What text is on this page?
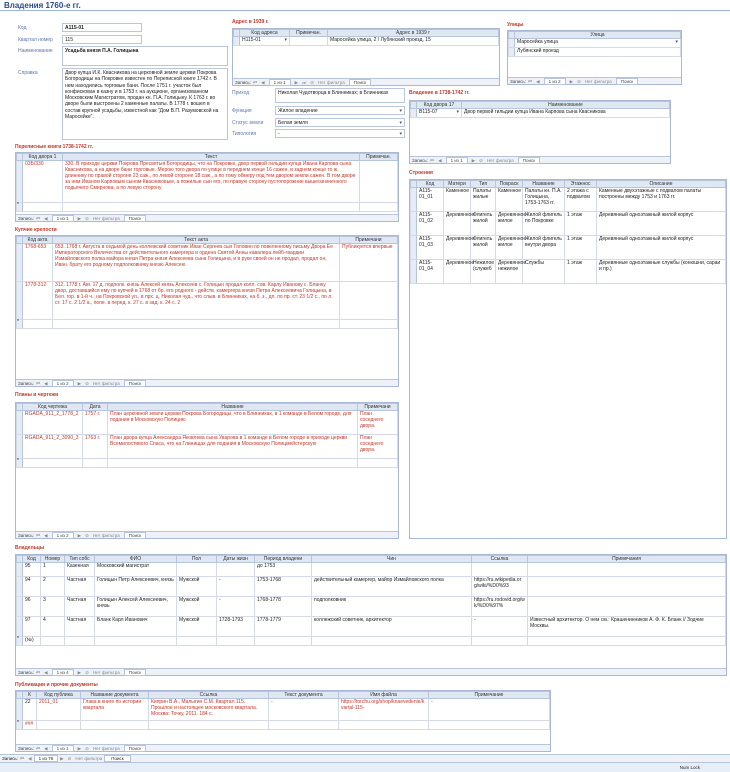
Владения 1760-е гг.
Код	А115-01
Квартал номер	115
Наименование	Усадьба князя П.А. Голицына
Справка	Двор купца И.К. Квасникова на церковной земле церкви Покрова Богородицы на Покровке известен по Переписной книге 1742 г. В нем находились торговые бани. После 1751 г. участок был конфискован в казну и в 1753 г. на аукционе, организованном Московским Магистратом, продан кн. П.А. Голицыну. К 1763 г. во дворе были выстроены 2 каменные палаты. В 1778 г. вошел в состав крупной усадьбы, известной как "Дом В.П. Разумовской на Маросейке".
Адрес в 1939 г.
	Код адреса	Примечан.	Адрес в 1939 г
	Н115-01 ▾		Маросейка улица, 2 / Лубянский проезд, 15
Запись: ⏮ ◀ 1 из 1 ▶ ⏭ ⊘ Нет фильтра Поиск
Улицы
	Улица
	Маросейка улица ▾

	Лубянский проезд
Запись: ⏮ ◀ 1 из 2 ▶ ⊘ Нет фильтра Поиск
Приход	Николая Чудотворца в Блинниках; в Блинниках
Функция	Жилое владение	▾
Статус земли	Белая земля	▾
Типология	-	▾
Владение в 1738-1742 гг.
	Код двора 17	Наименование
	В115-07 ▾	Двор первой гильдии купца Ивана Карпова сына Квасникова
Запись: ⏮ ◀ 1 из 1 ▶ ⊘ Нет фильтра Поиск
Переписные книги 1738-1742 гг.
	Код двора 1	Текст	Примечан.
	03Б/330	330. В приходе церкви Покрова Пресвятыя Богородицы, что на Покровке, двор первой гильдии купца Ивана Карпова сына Квасникова, а на дворе бани торговые. Мерою того двора по улице в переднем конце 16 сажен, в заднем конце то ж, длиннику по правой стороне 23 саж., по левой стороне 18 саж., а по тому обмеру под тем двором земли сажен. В том дворе за ним Иваном Карповым сыном Квасниковым, а пожилые сын его, по правую сторону пустопорожние вышеозначенного подьячего Смирнова, а по левую сторону	
*			
Запись: ⏮ ◀ 1 из 1 ▶ ⊘ Нет фильтра Поиск
Купчие крепости
	Код акта	Текст акта	Примечани
	1768-653	653. 1768 г. Августа в седьмой день коллежский советник Иван Сергеев сын Головин по повеленному письму Двора Ее Императорского Величества от действительного камергера и ордена Святой Анны кавалера лейб-гвардии Измайловского полка майора князя Петра князя Алексеева сына Голицына, и в руке своей он не продал, продал он, Иван, брату его родному подполковнику князю Алексею	Публикуется впервые
	1778-312	312. 1778 г. Авг. 17 д. подполк. князь Алексей князь Алексеев с. Голицын продал колл. сов. Карлу Иванову с. Бланку двор, доставшийся ему по купчей в 1768 от бр. его родного - действ. камергера князя Петра Алексеевича Голицына, в Бел. гор. в 1-й ч., на Покровской ул., в прх. ц. Николая чуд., что слыв. в Блинниках, на б. з., дл. по пр. ст. 23 1/2 с., по л. ст. 17 с. 2 1/2 а., попе. в перед. к. 27 с. в зад. к. 24 с. 2	
*			
Запись: ⏮ ◀ 1 из 2 ▶ ⊘ Нет фильтра Поиск
Строения
	Код	Матери	Тип	Покраск	Название	Этажнос	Описание
	А115-01_01	Каменное	Палаты жилые	Каменное	Палаты кн. П.А. Голицына, 1753-1763 гг.	2 этажа с подвалом	Каменные двухэтажные с подвалом палаты построены между 1753 и 1763 гг.
	А115-01_02	Деревянное	Флигель жилой	Деревянное жилое	Жилой флигель по Покровке	1 этаж	Деревянный одноэтажный жилой корпус
	А115-01_03	Деревянное	Флигель жилой	Деревянное жилое	Жилой флигель внутри двора	1 этаж	Деревянный одноэтажный жилой корпус
	А115-01_04	Деревянное	Нежилое (служеб	Деревянное нежилое	Службы	1 этаж	Деревянные одноэтажные службы (конюшни, сараи и пр.)
Планы и чертежи
	Код чертежа	Дата	Название	Примечани
	RGADA_911_2_1778_2	1757 г.	План церковной земли церкви Покрова Богородицы, что в Блинниках, в 1 команде в Белом городе, для подания в Московскую Полицию	План соседнего двора.
	RGADA_911_2_3090_3	1763 г.	План двора купца Александра Яковлева сына Уварова в 1 команде в Белом городе в приходе церкви Всемилостивого Спаса, что на Глинищах для подания в Московскую Полицмейстерскую	План соседнего двора.
*				
Запись: ⏮ ◀ 1 из 2 ▶ ⊘ Нет фильтра Поиск
Владельцы
	Код	Номер	Тип собс	ФИО	Пол	Даты жизн	Период владени	Чин	Ссылка	Примечания
	95	1	Казенная	Московский магистрат			до 1753			
	94	2	Частная	Голицын Петр Алексеевич, князь	Мужской	-	1753-1768	действительный камергер, майор Измайловского полка	https://ru.wikipedia.org/wiki/%D0%93	
	96	3	Частная	Голицын Алексей Алексеевич, князь	Мужской	-	1768-1778	подполковник	https://ru.rodovid.org/wk/%D0%97%	
	97	4	Частная	Бланк Карл Иванович	Мужской	1728-1793	1778-1779	коллежский советник, архитектор	-	Известный архитектор. О нем см.: Крашенинников А. Ф. К. Бланк // Зодчие Москвы.
*	(№)									
Запись: ⏮ ◀ 1 из 4 ▶ ⊘ Нет фильтра Поиск
Публикации и прочие документы
	К	Код публика	Название документа	Ссылка	Текст документа	Имя файла	Примечание
	22	2011_01	Глава в книге по истории квартала	Киприн В.А., Малыгин С.М. Квартал 115. Прошлое и настоящее московского квартала. Москва: Точку, 2011. 184 с.	-	https://torchu.org/shop/knaevedenie/kvartal-115-	-
*	###						
Запись: ⏮ ◀ 1 из 1 ▶ ⊘ Нет фильтра Поиск
Запись: ⏮ ◀ 1 из 78 ▶ ⊘ Нет фильтра Поиск
Num Lock
